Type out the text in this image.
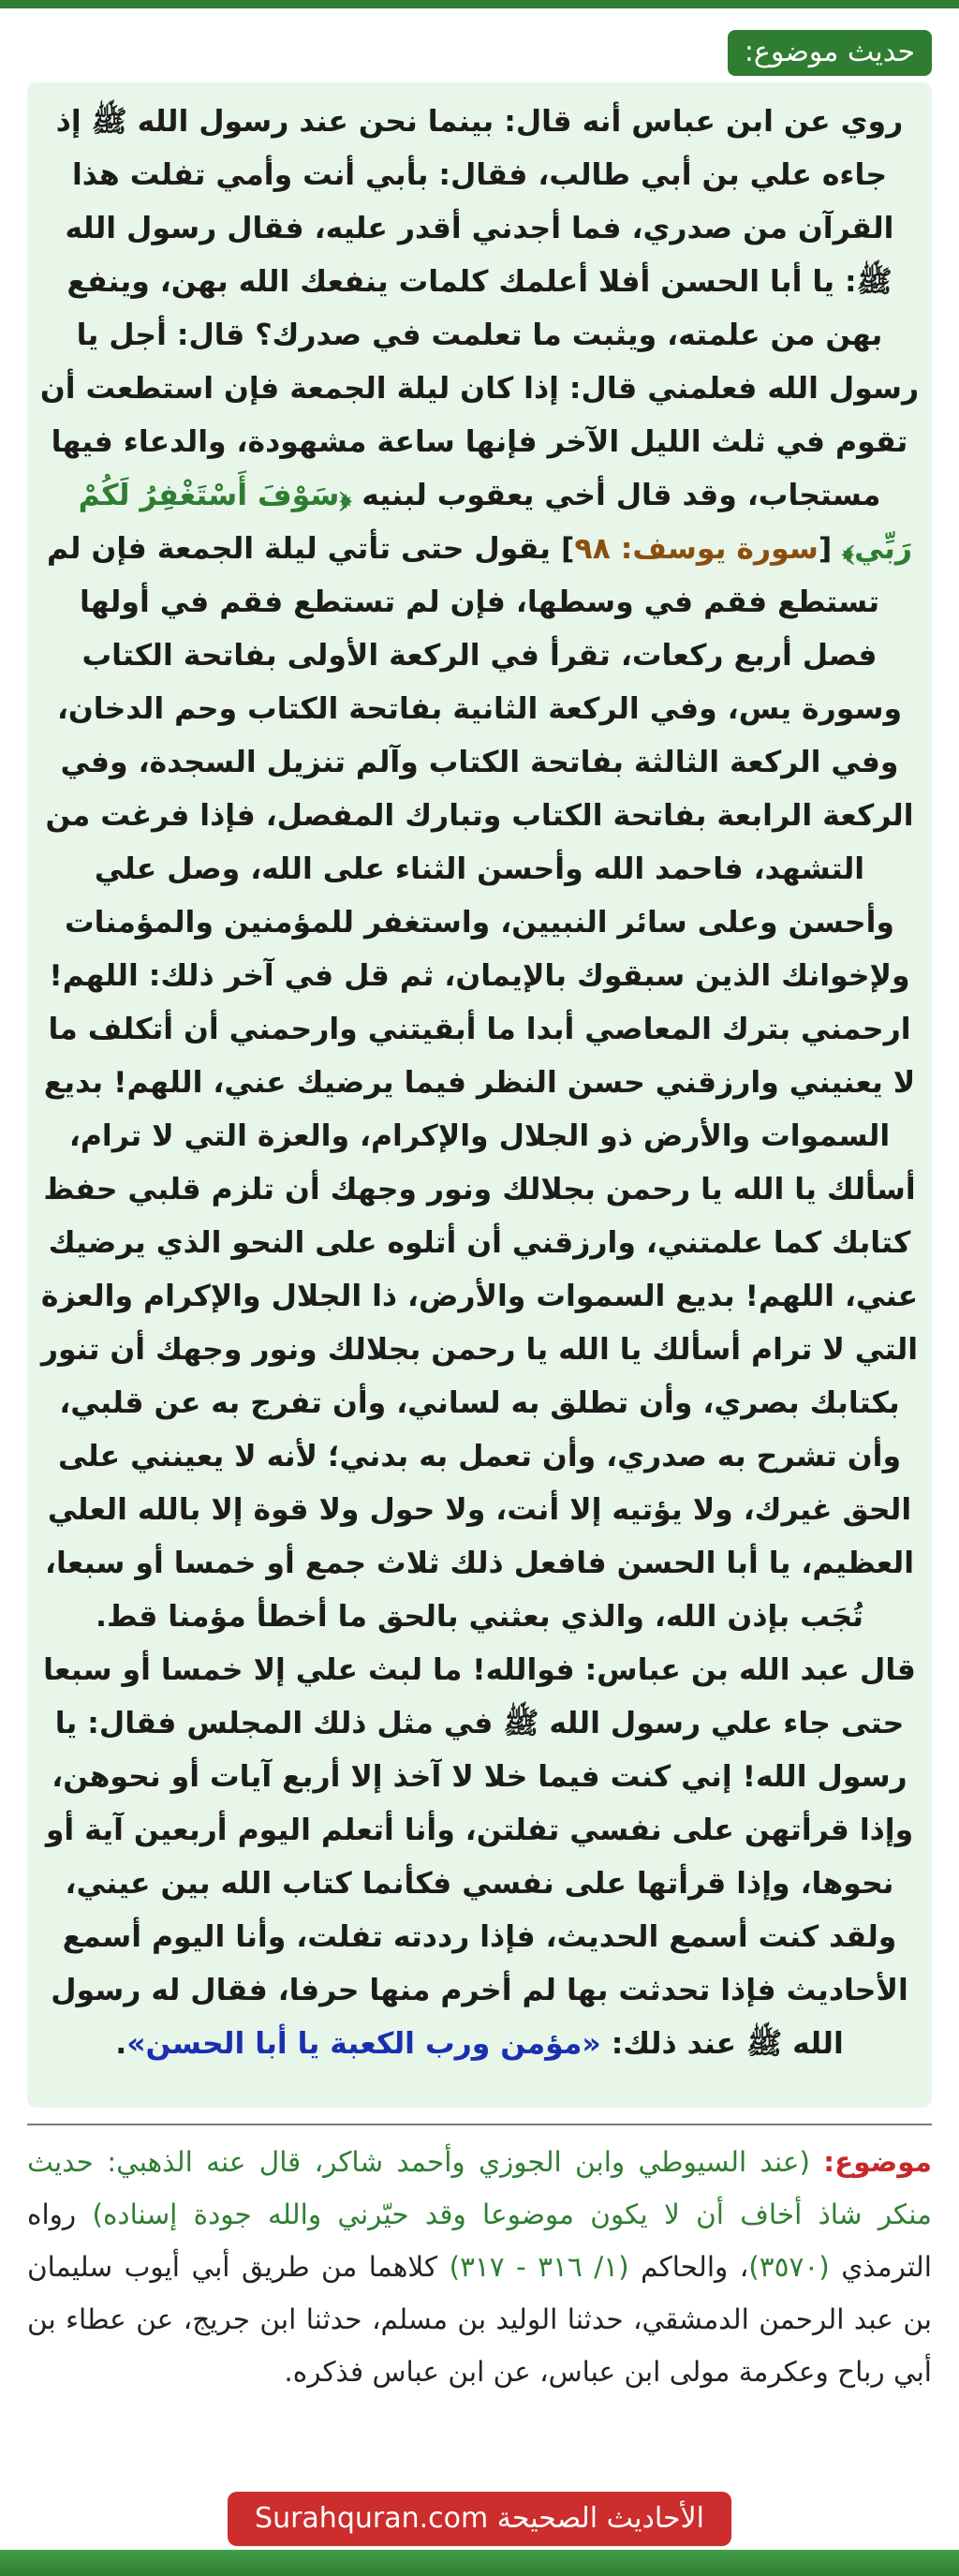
حديث موضوع:

روي عن ابن عباس أنه قال: بينما نحن عند رسول الله ﷺ إذ جاءه علي بن أبي طالب، فقال: بأبي أنت وأمي تفلت هذا القرآن من صدري، فما أجدني أقدر عليه، فقال رسول الله ﷺ: يا أبا الحسن أفلا أعلمك كلمات ينفعك الله بهن، وينفع بهن من علمته، ويثبت ما تعلمت في صدرك؟ قال: أجل يا رسول الله فعلمني قال: إذا كان ليلة الجمعة فإن استطعت أن تقوم في ثلث الليل الآخر فإنها ساعة مشهودة، والدعاء فيها مستجاب، وقد قال أخي يعقوب لبنيه ﴿سَوْفَ أَسْتَغْفِرُ لَكُمْ رَبِّي﴾ [سورة يوسف: ٩٨] يقول حتى تأتي ليلة الجمعة فإن لم تستطع فقم في وسطها، فإن لم تستطع فقم في أولها فصل أربع ركعات، تقرأ في الركعة الأولى بفاتحة الكتاب وسورة يس، وفي الركعة الثانية بفاتحة الكتاب وحم الدخان، وفي الركعة الثالثة بفاتحة الكتاب وآلم تنزيل السجدة، وفي الركعة الرابعة بفاتحة الكتاب وتبارك المفصل، فإذا فرغت من التشهد، فاحمد الله وأحسن الثناء على الله، وصل علي وأحسن وعلى سائر النبيين، واستغفر للمؤمنين والمؤمنات ولإخوانك الذين سبقوك بالإيمان، ثم قل في آخر ذلك: اللهم! ارحمني بترك المعاصي أبدا ما أبقيتني وارحمني أن أتكلف ما لا يعنيني وارزقني حسن النظر فيما يرضيك عني، اللهم! بديع السموات والأرض ذو الجلال والإكرام، والعزة التي لا ترام، أسألك يا الله يا رحمن بجلالك ونور وجهك أن تلزم قلبي حفظ كتابك كما علمتني، وارزقني أن أتلوه على النحو الذي يرضيك عني، اللهم! بديع السموات والأرض، ذا الجلال والإكرام والعزة التي لا ترام أسألك يا الله يا رحمن بجلالك ونور وجهك أن تنور بكتابك بصري، وأن تطلق به لساني، وأن تفرج به عن قلبي، وأن تشرح به صدري، وأن تعمل به بدني؛ لأنه لا يعينني على الحق غيرك، ولا يؤتيه إلا أنت، ولا حول ولا قوة إلا بالله العلي العظيم، يا أبا الحسن فافعل ذلك ثلاث جمع أو خمسا أو سبعا، تُجَب بإذن الله، والذي بعثني بالحق ما أخطأ مؤمنا قط.

قال عبد الله بن عباس: فوالله! ما لبث علي إلا خمسا أو سبعا حتى جاء علي رسول الله ﷺ في مثل ذلك المجلس فقال: يا رسول الله! إني كنت فيما خلا لا آخذ إلا أربع آيات أو نحوهن، وإذا قرأتهن على نفسي تفلتن، وأنا أتعلم اليوم أربعين آية أو نحوها، وإذا قرأتها على نفسي فكأنما كتاب الله بين عيني، ولقد كنت أسمع الحديث، فإذا رددته تفلت، وأنا اليوم أسمع الأحاديث فإذا تحدثت بها لم أخرم منها حرفا، فقال له رسول الله ﷺ عند ذلك: «مؤمن ورب الكعبة يا أبا الحسن».

موضوع: (عند السيوطي وابن الجوزي وأحمد شاكر، قال عنه الذهبي: حديث منكر شاذ أخاف أن لا يكون موضوعا وقد حيّرني والله جودة إسناده) رواه الترمذي (٣٥٧٠)، والحاكم (١/ ٣١٦ - ٣١٧) كلاهما من طريق أبي أيوب سليمان بن عبد الرحمن الدمشقي، حدثنا الوليد بن مسلم، حدثنا ابن جريج، عن عطاء بن أبي رباح وعكرمة مولى ابن عباس، عن ابن عباس فذكره.

الأحاديث الصحيحة Surahquran.com
